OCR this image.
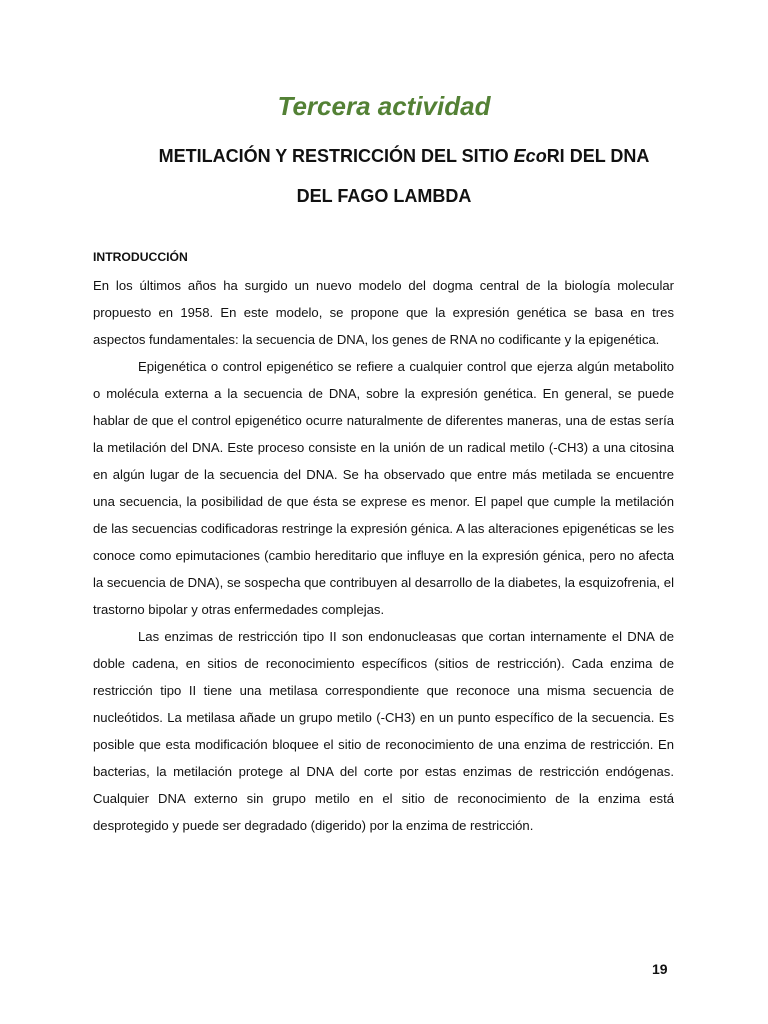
Tercera actividad
METILACIÓN Y RESTRICCIÓN DEL SITIO EcoRI DEL DNA
DEL FAGO LAMBDA
INTRODUCCIÓN

En los últimos años ha surgido un nuevo modelo del dogma central de la biología molecular propuesto en 1958. En este modelo, se propone que la expresión genética se basa en tres aspectos fundamentales: la secuencia de DNA, los genes de RNA no codificante y la epigenética.

Epigenética o control epigenético se refiere a cualquier control que ejerza algún metabolito o molécula externa a la secuencia de DNA, sobre la expresión genética. En general, se puede hablar de que el control epigenético ocurre naturalmente de diferentes maneras, una de estas sería la metilación del DNA. Este proceso consiste en la unión de un radical metilo (-CH3) a una citosina en algún lugar de la secuencia del DNA. Se ha observado que entre más metilada se encuentre una secuencia, la posibilidad de que ésta se exprese es menor. El papel que cumple la metilación de las secuencias codificadoras restringe la expresión génica. A las alteraciones epigenéticas se les conoce como epimutaciones (cambio hereditario que influye en la expresión génica, pero no afecta la secuencia de DNA), se sospecha que contribuyen al desarrollo de la diabetes, la esquizofrenia, el trastorno bipolar y otras enfermedades complejas.

Las enzimas de restricción tipo II son endonucleasas que cortan internamente el DNA de doble cadena, en sitios de reconocimiento específicos (sitios de restricción). Cada enzima de restricción tipo II tiene una metilasa correspondiente que reconoce una misma secuencia de nucleótidos. La metilasa añade un grupo metilo (-CH3) en un punto específico de la secuencia. Es posible que esta modificación bloquee el sitio de reconocimiento de una enzima de restricción. En bacterias, la metilación protege al DNA del corte por estas enzimas de restricción endógenas. Cualquier DNA externo sin grupo metilo en el sitio de reconocimiento de la enzima está desprotegido y puede ser degradado (digerido) por la enzima de restricción.

19
